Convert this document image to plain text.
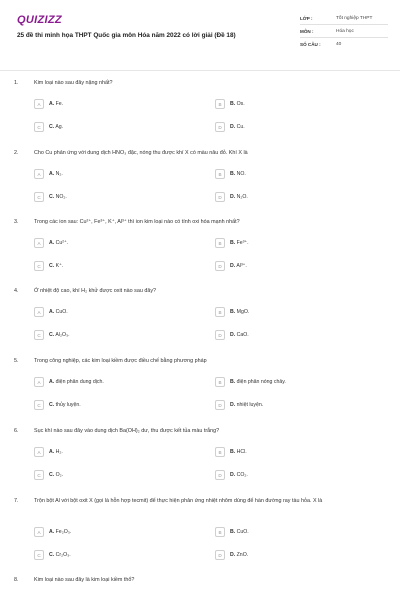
QUIZIZZ
25 đề thi minh họa THPT Quốc gia môn Hóa năm 2022 có lời giải (Đề 18)
LỚP :	Tốt nghiệp THPT
MÔN :	Hóa học
SỐ CÂU :	40
1.	Kim loại nào sau đây nặng nhất?
A	A. Fe.	B	B. Os.
C	C. Ag.	D	D. Cu.
2.	Cho Cu phản ứng với dung dịch HNO₃ đặc, nóng thu được khí X có màu nâu đỏ. Khí X là
A	A. N₂.	B	B. NO.
C	C. NO₂.	D	D. N₂O.
3.	Trong các ion sau: Cu²⁺, Fe³⁺, K⁺, Al³⁺ thì ion kim loại nào có tính oxi hóa mạnh nhất?
A	A. Cu²⁺.	B	B. Fe³⁺.
C	C. K⁺.	D	D. Al³⁺.
4.	Ở nhiệt độ cao, khí H₂ khử được oxit nào sau đây?
A	A. CuO.	B	B. MgO.
C	C. Al₂O₃.	D	D. CaO.
5.	Trong công nghiệp, các kim loại kiềm được điều chế bằng phương pháp
A	A. điện phân dung dịch.	B	B. điện phân nóng chảy.
C	C. thủy luyện.	D	D. nhiệt luyện.
6.	Sục khí nào sau đây vào dung dịch Ba(OH)₂ dư, thu được kết tủa màu trắng?
A	A. H₂.	B	B. HCl.
C	C. O₂.	D	D. CO₂.
7.	Trộn bột Al với bột oxit X (gọi là hỗn hợp tecmit) để thực hiện phản ứng nhiệt nhôm dùng để hàn đường ray tàu hỏa. X là
A	A. Fe₂O₃.	B	B. CuO.
C	C. Cr₂O₃.	D	D. ZnO.
8.	Kim loại nào sau đây là kim loại kiềm thổ?
